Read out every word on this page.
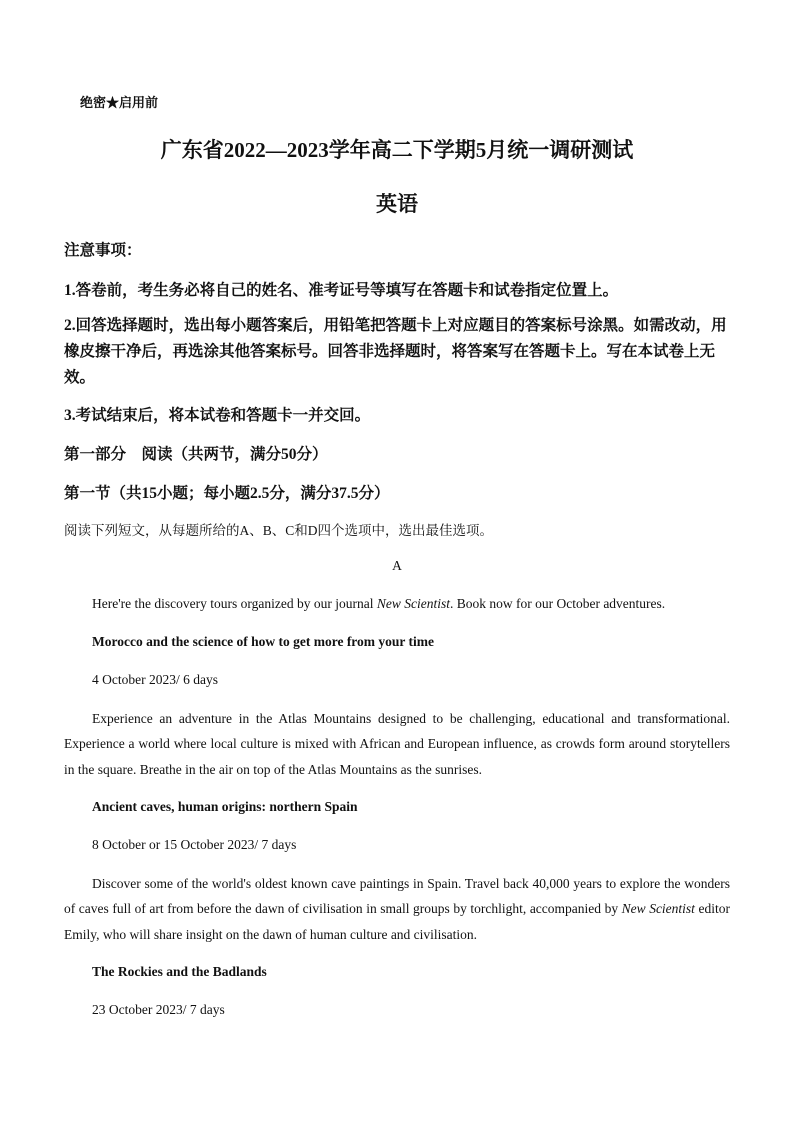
绝密★启用前
广东省2022—2023学年高二下学期5月统一调研测试
英语
注意事项：
1.答卷前，考生务必将自己的姓名、准考证号等填写在答题卡和试卷指定位置上。
2.回答选择题时，选出每小题答案后，用铅笔把答题卡上对应题目的答案标号涂黑。如需改动，用橡皮擦干净后，再选涂其他答案标号。回答非选择题时，将答案写在答题卡上。写在本试卷上无效。
3.考试结束后，将本试卷和答题卡一并交回。
第一部分　阅读（共两节，满分50分）
第一节（共15小题；每小题2.5分，满分37.5分）
阅读下列短文，从每题所给的A、B、C和D四个选项中，选出最佳选项。
A
Here're the discovery tours organized by our journal New Scientist. Book now for our October adventures.
Morocco and the science of how to get more from your time
4 October 2023/ 6 days
Experience an adventure in the Atlas Mountains designed to be challenging, educational and transformational. Experience a world where local culture is mixed with African and European influence, as crowds form around storytellers in the square. Breathe in the air on top of the Atlas Mountains as the sunrises.
Ancient caves, human origins: northern Spain
8 October or 15 October 2023/ 7 days
Discover some of the world's oldest known cave paintings in Spain. Travel back 40,000 years to explore the wonders of caves full of art from before the dawn of civilisation in small groups by torchlight, accompanied by New Scientist editor Emily, who will share insight on the dawn of human culture and civilisation.
The Rockies and the Badlands
23 October 2023/ 7 days
